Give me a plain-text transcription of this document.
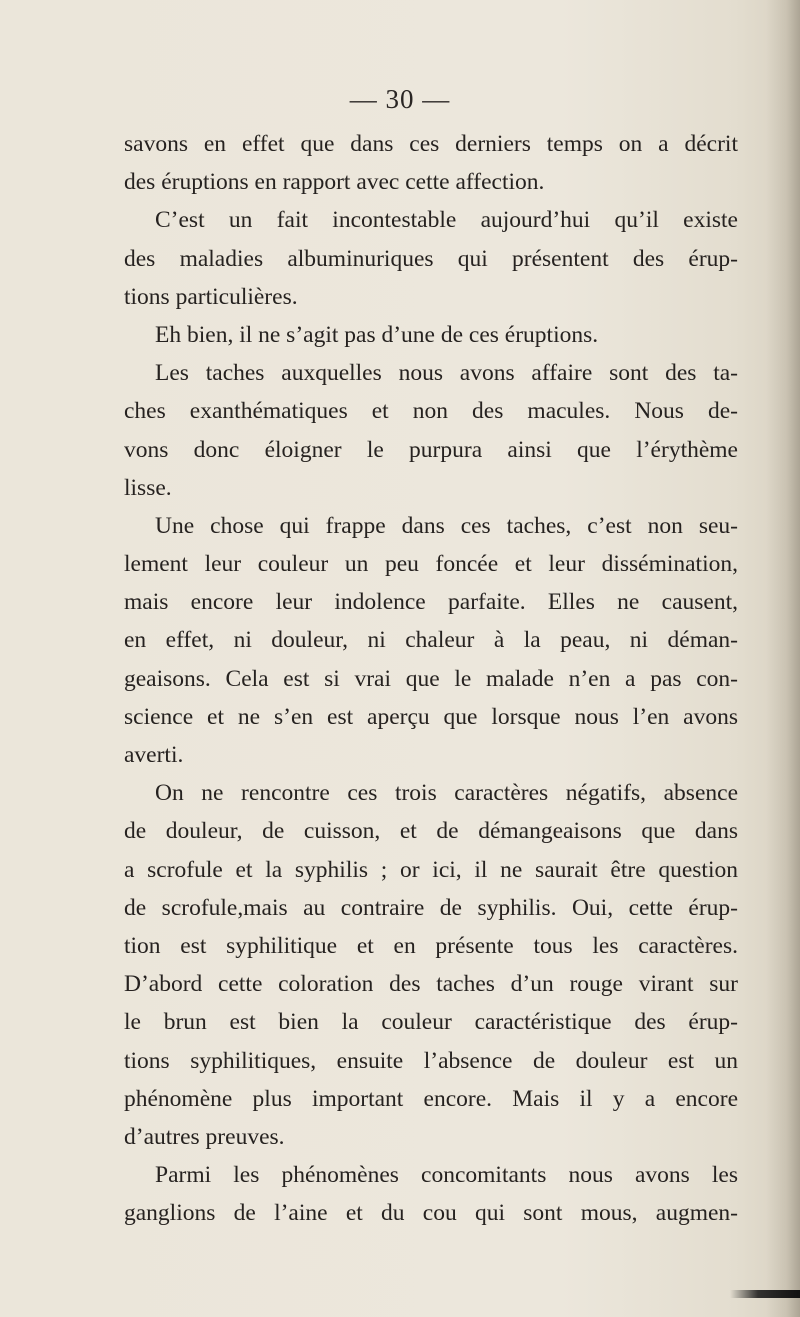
— 30 —
savons en effet que dans ces derniers temps on a décrit
des éruptions en rapport avec cette affection.
C’est un fait incontestable aujourd’hui qu’il existe
des maladies albuminuriques qui présentent des érup-
tions particulières.
Eh bien, il ne s’agit pas d’une de ces éruptions.
Les taches auxquelles nous avons affaire sont des ta-
ches exanthématiques et non des macules. Nous de-
vons donc éloigner le purpura ainsi que l’érythème
lisse.
Une chose qui frappe dans ces taches, c’est non seu-
lement leur couleur un peu foncée et leur dissémination,
mais encore leur indolence parfaite. Elles ne causent,
en effet, ni douleur, ni chaleur à la peau, ni déman-
geaisons. Cela est si vrai que le malade n’en a pas con-
science et ne s’en est aperçu que lorsque nous l’en avons
averti.
On ne rencontre ces trois caractères négatifs, absence
de douleur, de cuisson, et de démangeaisons que dans
a scrofule et la syphilis ; or ici, il ne saurait être question
de scrofule,mais au contraire de syphilis. Oui, cette érup-
tion est syphilitique et en présente tous les caractères.
D’abord cette coloration des taches d’un rouge virant sur
le brun est bien la couleur caractéristique des érup-
tions syphilitiques, ensuite l’absence de douleur est un
phénomène plus important encore. Mais il y a encore
d’autres preuves.
Parmi les phénomènes concomitants nous avons les
ganglions de l’aine et du cou qui sont mous, augmen-
